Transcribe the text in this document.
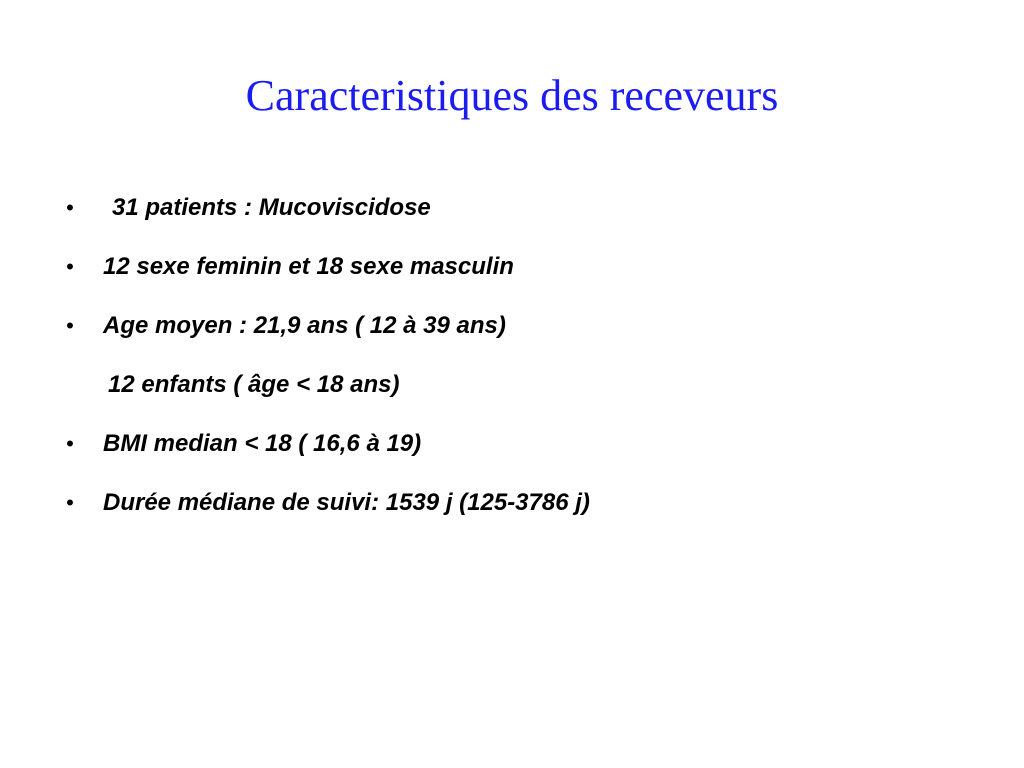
Caracteristiques des receveurs
• 31 patients : Mucoviscidose
• 12 sexe feminin et 18 sexe masculin
• Age moyen : 21,9 ans ( 12 à 39 ans)
12 enfants ( âge < 18 ans)
• BMI median < 18 ( 16,6 à 19)
• Durée médiane de suivi: 1539 j (125-3786 j)
